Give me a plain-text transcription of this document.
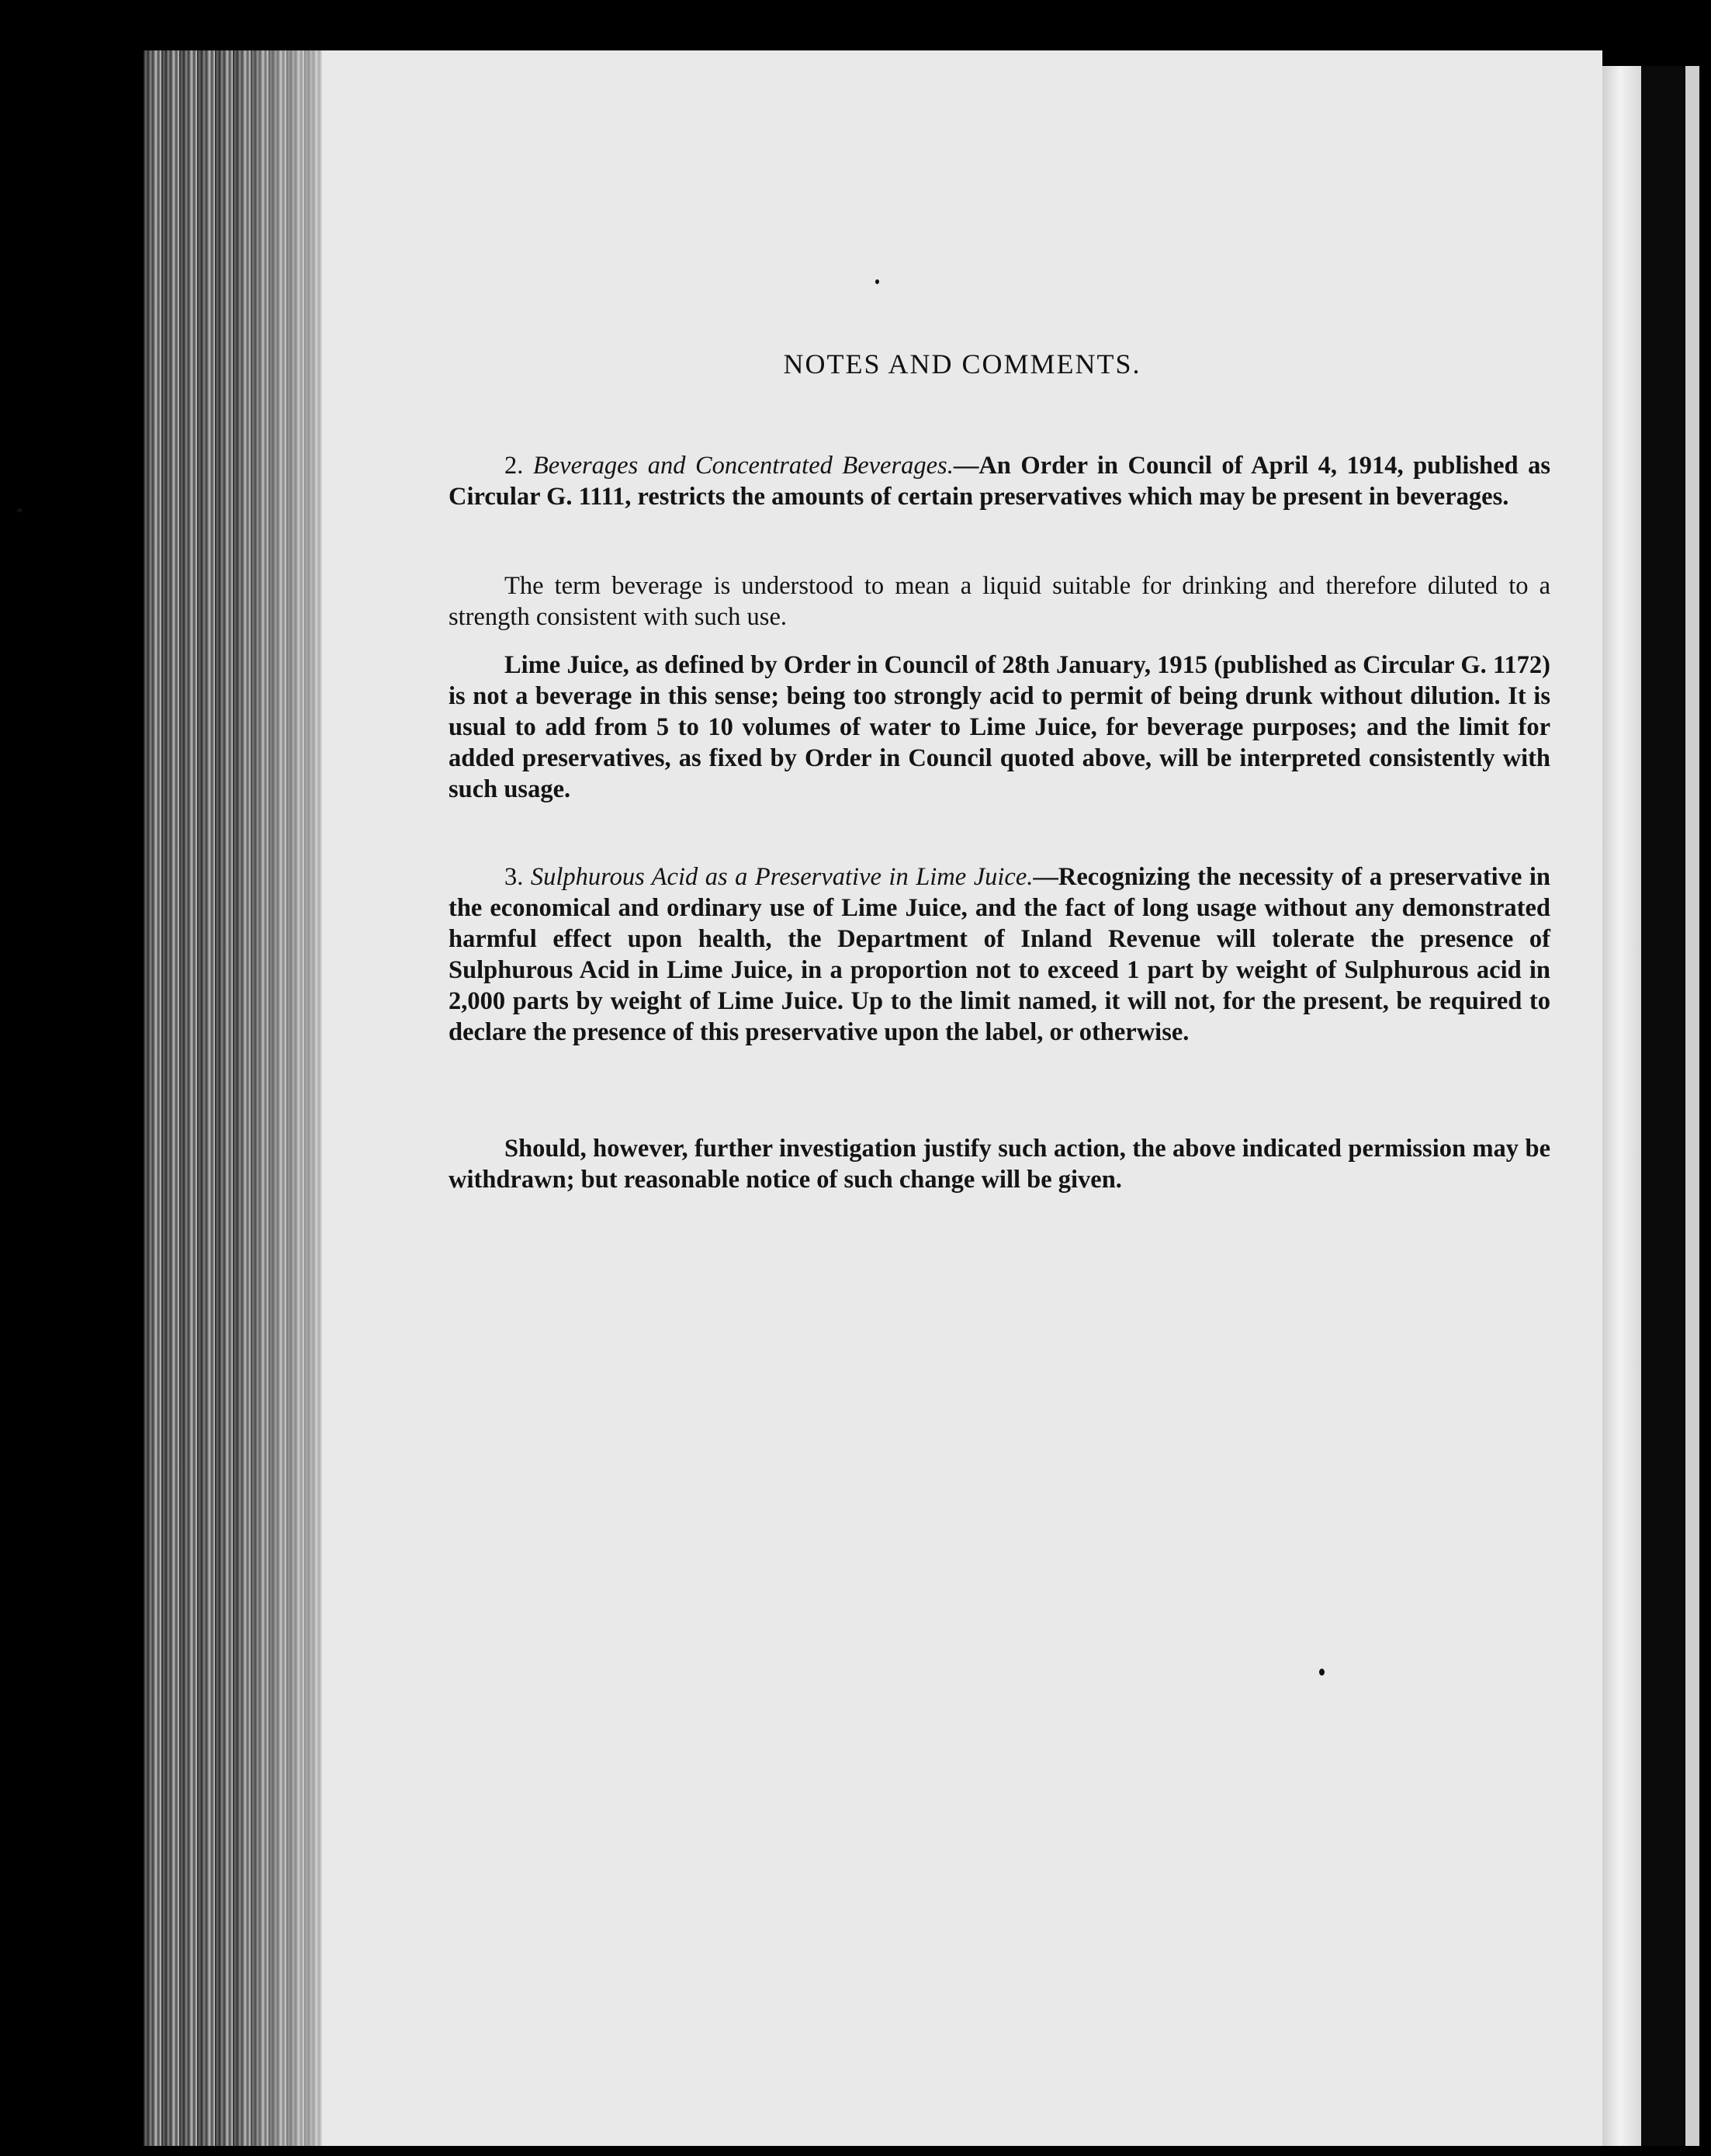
NOTES AND COMMENTS.

2. Beverages and Concentrated Beverages.—An Order in Council of April 4, 1914, published as Circular G. 1111, restricts the amounts of certain preservatives which may be present in beverages.

The term beverage is understood to mean a liquid suitable for drinking and therefore diluted to a strength consistent with such use.

Lime Juice, as defined by Order in Council of 28th January, 1915 (published as Circular G. 1172) is not a beverage in this sense; being too strongly acid to permit of being drunk without dilution. It is usual to add from 5 to 10 volumes of water to Lime Juice, for beverage purposes; and the limit for added preservatives, as fixed by Order in Council quoted above, will be interpreted consistently with such usage.

3. Sulphurous Acid as a Preservative in Lime Juice.—Recognizing the necessity of a preservative in the economical and ordinary use of Lime Juice, and the fact of long usage without any demonstrated harmful effect upon health, the Department of Inland Revenue will tolerate the presence of Sulphurous Acid in Lime Juice, in a proportion not to exceed 1 part by weight of Sulphurous acid in 2,000 parts by weight of Lime Juice. Up to the limit named, it will not, for the present, be required to declare the presence of this preservative upon the label, or otherwise.

Should, however, further investigation justify such action, the above indicated permission may be withdrawn; but reasonable notice of such change will be given.
